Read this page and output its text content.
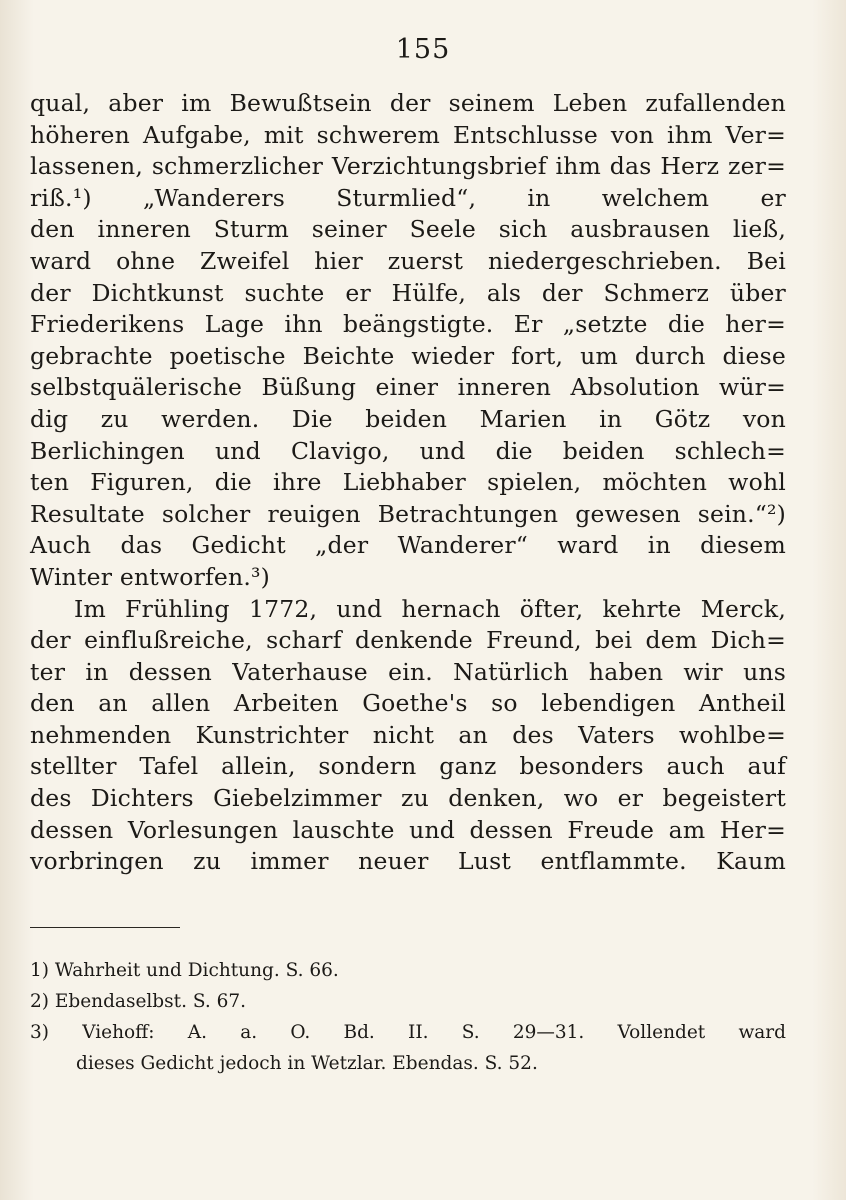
155
qual, aber im Bewußtsein der seinem Leben zufallenden
höheren Aufgabe, mit schwerem Entschlusse von ihm Ver=
lassenen, schmerzlicher Verzichtungsbrief ihm das Herz zer=
riß.¹) „Wanderers Sturmlied“, in welchem er
den inneren Sturm seiner Seele sich ausbrausen ließ,
ward ohne Zweifel hier zuerst niedergeschrieben. Bei
der Dichtkunst suchte er Hülfe, als der Schmerz über
Friederikens Lage ihn beängstigte. Er „setzte die her=
gebrachte poetische Beichte wieder fort, um durch diese
selbstquälerische Büßung einer inneren Absolution wür=
dig zu werden. Die beiden Marien in Götz von
Berlichingen und Clavigo, und die beiden schlech=
ten Figuren, die ihre Liebhaber spielen, möchten wohl
Resultate solcher reuigen Betrachtungen gewesen sein.“²)
Auch das Gedicht „der Wanderer“ ward in diesem
Winter entworfen.³)
Im Frühling 1772, und hernach öfter, kehrte Merck,
der einflußreiche, scharf denkende Freund, bei dem Dich=
ter in dessen Vaterhause ein. Natürlich haben wir uns
den an allen Arbeiten Goethe's so lebendigen Antheil
nehmenden Kunstrichter nicht an des Vaters wohlbe=
stellter Tafel allein, sondern ganz besonders auch auf
des Dichters Giebelzimmer zu denken, wo er begeistert
dessen Vorlesungen lauschte und dessen Freude am Her=
vorbringen zu immer neuer Lust entflammte. Kaum
1) Wahrheit und Dichtung. S. 66.
2) Ebendaselbst. S. 67.
3) Viehoff: A. a. O. Bd. II. S. 29—31. Vollendet ward
dieses Gedicht jedoch in Wetzlar. Ebendas. S. 52.
